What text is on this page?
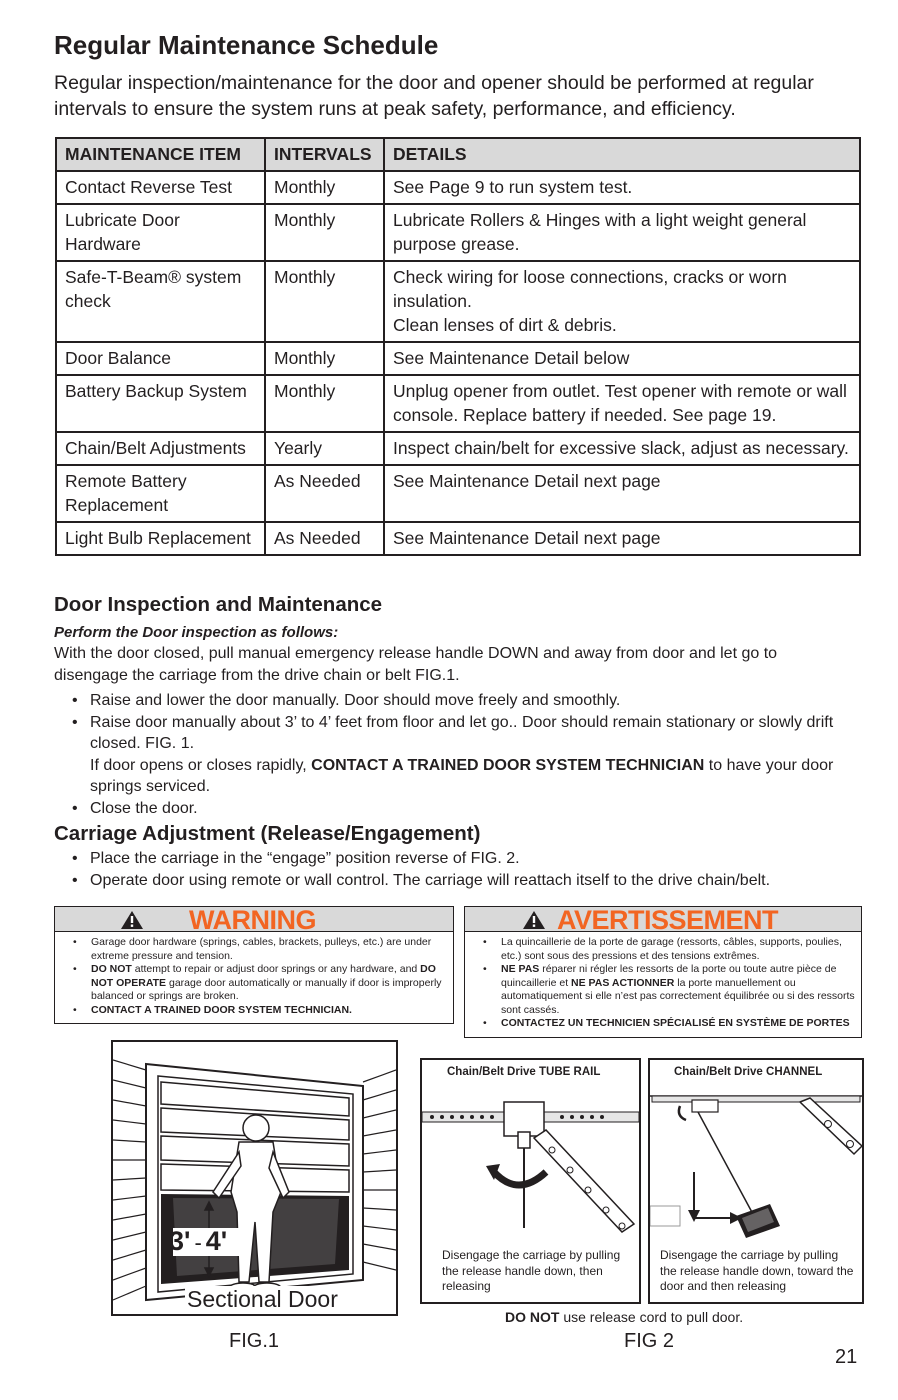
Regular Maintenance Schedule

Regular inspection/maintenance for the door and opener should be performed at regular intervals to ensure the system runs at peak safety, performance, and efficiency.

MAINTENANCE ITEM	INTERVALS	DETAILS
Contact Reverse Test	Monthly	See Page 9 to run system test.
Lubricate Door Hardware	Monthly	Lubricate Rollers & Hinges with a light weight general purpose grease.
Safe-T-Beam® system check	Monthly	Check wiring for loose connections, cracks or worn insulation.
Clean lenses of dirt & debris.
Door Balance	Monthly	See Maintenance Detail below
Battery Backup System	Monthly	Unplug opener from outlet. Test opener with remote or wall console. Replace battery if needed. See page 19.
Chain/Belt Adjustments	Yearly	Inspect chain/belt for excessive slack, adjust as necessary.
Remote Battery Replacement	As Needed	See Maintenance Detail next page
Light Bulb Replacement	As Needed	See Maintenance Detail next page
Door Inspection and Maintenance

Perform the Door inspection as follows:

With the door closed, pull manual emergency release handle DOWN and away from door and let go to disengage the carriage from the drive chain or belt FIG.1.

• Raise and lower the door manually. Door should move freely and smoothly.
• Raise door manually about 3’ to 4’ feet from floor and let go.. Door should remain stationary or slowly drift closed. FIG. 1.
If door opens or closes rapidly, CONTACT A TRAINED DOOR SYSTEM TECHNICIAN to have your door springs serviced.
• Close the door.
Carriage Adjustment (Release/Engagement)
• Place the carriage in the “engage” position reverse of FIG. 2.
• Operate door using remote or wall control. The carriage will reattach itself to the drive chain/belt.
WARNING
• Garage door hardware (springs, cables, brackets, pulleys, etc.) are under extreme pressure and tension.
• DO NOT attempt to repair or adjust door springs or any hardware, and DO NOT OPERATE garage door automatically or manually if door is improperly balanced or springs are broken.
• CONTACT A TRAINED DOOR SYSTEM TECHNICIAN.
AVERTISSEMENT
• La quincaillerie de la porte de garage (ressorts, câbles, supports, poulies, etc.) sont sous des pressions et des tensions extrêmes.
• NE PAS réparer ni régler les ressorts de la porte ou toute autre pièce de quincaillerie et NE PAS ACTIONNER la porte manuellement ou automatiquement si elle n’est pas correctement équilibrée ou si des ressorts sont cassés.
• CONTACTEZ UN TECHNICIEN SPÉCIALISÉ EN SYSTÈME DE PORTES
3' - 4'
Sectional Door
FIG.1
Chain/Belt Drive TUBE RAIL
Disengage the carriage by pulling the release handle down, then releasing
Chain/Belt Drive CHANNEL
Disengage the carriage by pulling the release handle down, toward the door and then releasing
DO NOT use release cord to pull door.
FIG 2
21
